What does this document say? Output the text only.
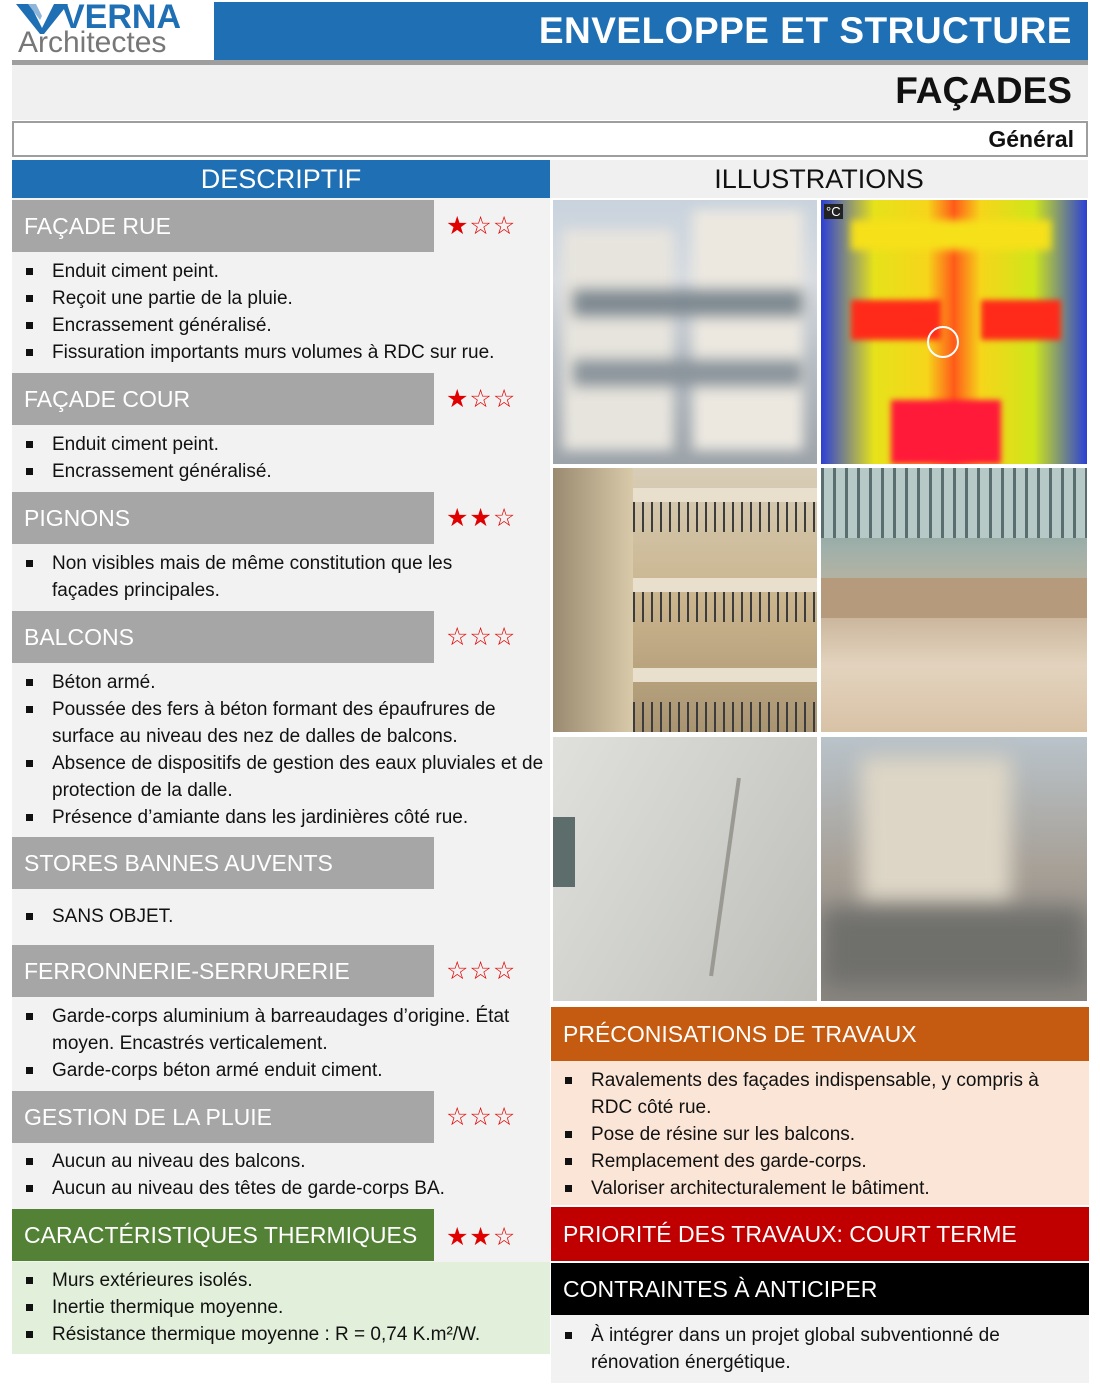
VERNA
Architectes	ENVELOPPE ET STRUCTURE
FAÇADES
Général
DESCRIPTIF	ILLUSTRATIONS
FAÇADE RUE	★☆☆
Enduit ciment peint.
Reçoit une partie de la pluie.
Encrassement généralisé.
Fissuration importants murs volumes à RDC sur rue.
FAÇADE COUR	★☆☆
Enduit ciment peint.
Encrassement généralisé.
PIGNONS	★★☆
Non visibles mais de même constitution que les façades principales.
BALCONS	☆☆☆
Béton armé.
Poussée des fers à béton formant des épaufrures de surface au niveau des nez de dalles de balcons.
Absence de dispositifs de gestion des eaux pluviales et de protection de la dalle.
Présence d’amiante dans les jardinières côté rue.
STORES BANNES AUVENTS
SANS OBJET.
FERRONNERIE-SERRURERIE	☆☆☆
Garde-corps aluminium à barreaudages d’origine. État moyen. Encastrés verticalement.
Garde-corps béton armé enduit ciment.
GESTION DE LA PLUIE	☆☆☆
Aucun au niveau des balcons.
Aucun au niveau des têtes de garde-corps BA.
CARACTÉRISTIQUES THERMIQUES	★★☆
Murs extérieures isolés.
Inertie thermique moyenne.
Résistance thermique moyenne : R = 0,74 K.m²/W.
°C
PRÉCONISATIONS DE TRAVAUX
Ravalements des façades indispensable, y compris à RDC côté rue.
Pose de résine sur les balcons.
Remplacement des garde-corps.
Valoriser architecturalement le bâtiment.
PRIORITÉ DES TRAVAUX: COURT TERME
CONTRAINTES À ANTICIPER
À intégrer dans un projet global subventionné de rénovation énergétique.
